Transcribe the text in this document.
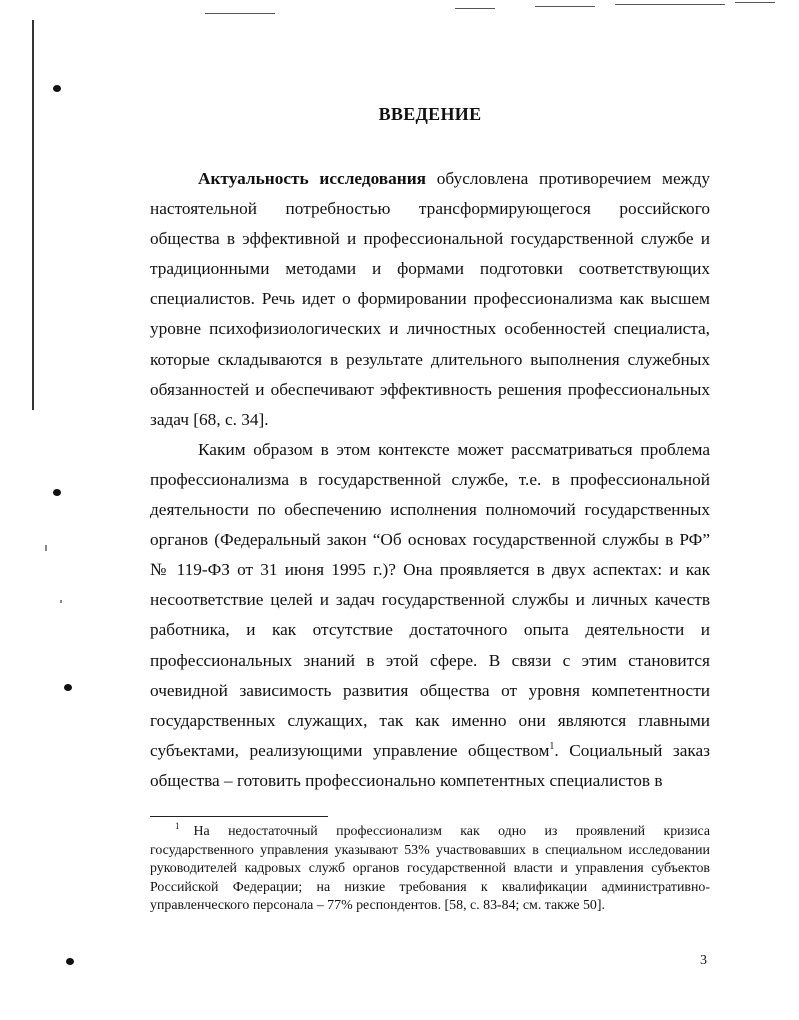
ВВЕДЕНИЕ

Актуальность исследования обусловлена противоречием между настоятельной потребностью трансформирующегося российского общества в эффективной и профессиональной государственной службе и традиционными методами и формами подготовки соответствующих специалистов. Речь идет о формировании профессионализма как высшем уровне психофизиологических и личностных особенностей специалиста, которые складываются в результате длительного выполнения служебных обязанностей и обеспечивают эффективность решения профессиональных задач [68, с. 34].

Каким образом в этом контексте может рассматриваться проблема профессионализма в государственной службе, т.е. в профессиональной деятельности по обеспечению исполнения полномочий государственных органов (Федеральный закон “Об основах государственной службы в РФ” № 119-ФЗ от 31 июня 1995 г.)? Она проявляется в двух аспектах: и как несоответствие целей и задач государственной службы и личных качеств работника, и как отсутствие достаточного опыта деятельности и профессиональных знаний в этой сфере. В связи с этим становится очевидной зависимость развития общества от уровня компетентности государственных служащих, так как именно они являются главными субъектами, реализующими управление обществом$^1$. Социальный заказ общества – готовить профессионально компетентных специалистов в

$^1$ На недостаточный профессионализм как одно из проявлений кризиса государственного управления указывают 53% участвовавших в специальном исследовании руководителей кадровых служб органов государственной власти и управления субъектов Российской Федерации; на низкие требования к квалификации административно-управленческого персонала – 77% респондентов. [58, с. 83-84; см. также 50].

3
